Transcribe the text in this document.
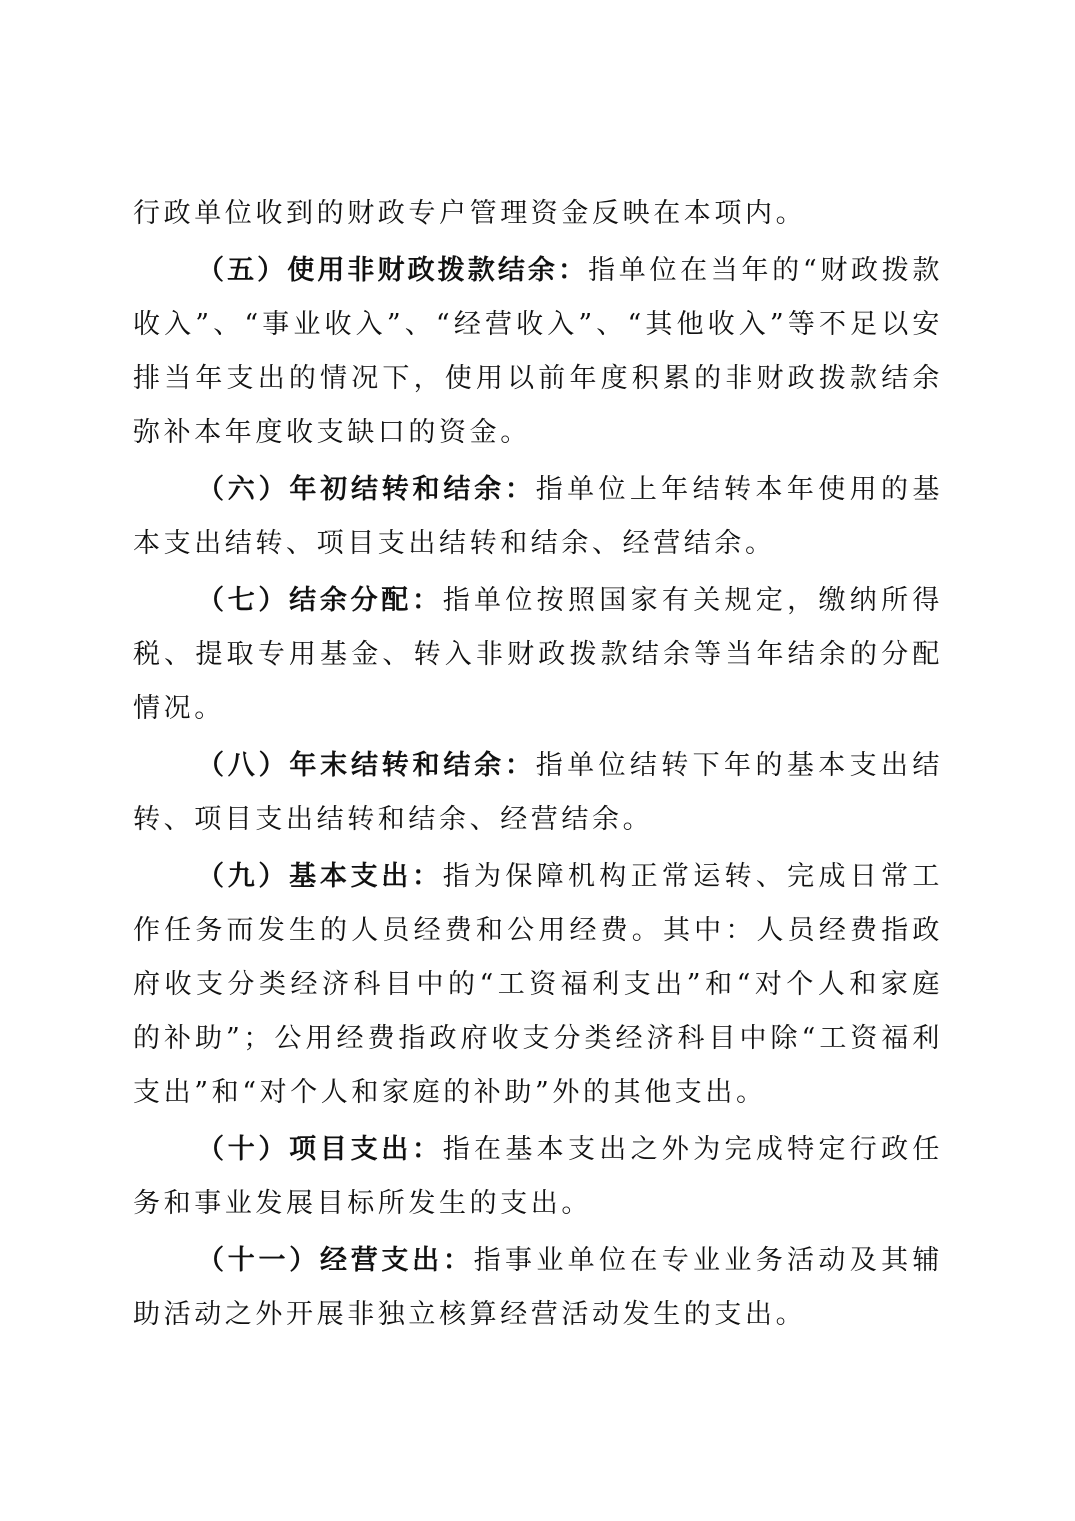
行政单位收到的财政专户管理资金反映在本项内。

（五）使用非财政拨款结余：指单位在当年的“财政拨款收入”、“事业收入”、“经营收入”、“其他收入”等不足以安排当年支出的情况下，使用以前年度积累的非财政拨款结余弥补本年度收支缺口的资金。

（六）年初结转和结余：指单位上年结转本年使用的基本支出结转、项目支出结转和结余、经营结余。

（七）结余分配：指单位按照国家有关规定，缴纳所得税、提取专用基金、转入非财政拨款结余等当年结余的分配情况。

（八）年末结转和结余：指单位结转下年的基本支出结转、项目支出结转和结余、经营结余。

（九）基本支出：指为保障机构正常运转、完成日常工作任务而发生的人员经费和公用经费。其中：人员经费指政府收支分类经济科目中的“工资福利支出”和“对个人和家庭的补助”；公用经费指政府收支分类经济科目中除“工资福利支出”和“对个人和家庭的补助”外的其他支出。

（十）项目支出：指在基本支出之外为完成特定行政任务和事业发展目标所发生的支出。

（十一）经营支出：指事业单位在专业业务活动及其辅助活动之外开展非独立核算经营活动发生的支出。
